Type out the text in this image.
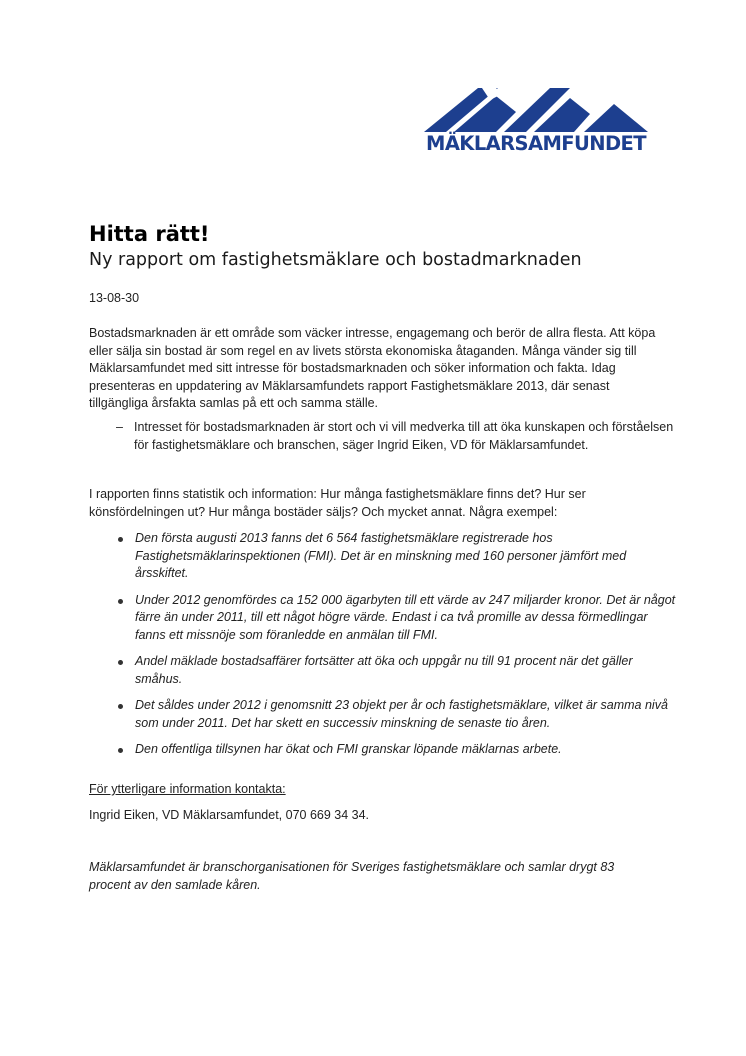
MÄKLARSAMFUNDET
Hitta rätt!
Ny rapport om fastighetsmäklare och bostadmarknaden
13-08-30

Bostadsmarknaden är ett område som väcker intresse, engagemang och berör de allra flesta. Att köpa eller sälja sin bostad är som regel en av livets största ekonomiska åtaganden. Många vänder sig till Mäklarsamfundet med sitt intresse för bostadsmarknaden och söker information och fakta. Idag presenteras en uppdatering av Mäklarsamfundets rapport Fastighetsmäklare 2013, där senast tillgängliga årsfakta samlas på ett och samma ställe.

– Intresset för bostadsmarknaden är stort och vi vill medverka till att öka kunskapen och förståelsen för fastighetsmäklare och branschen, säger Ingrid Eiken, VD för Mäklarsamfundet.

I rapporten finns statistik och information: Hur många fastighetsmäklare finns det? Hur ser könsfördelningen ut? Hur många bostäder säljs? Och mycket annat. Några exempel:

Den första augusti 2013 fanns det 6 564 fastighetsmäklare registrerade hos Fastighetsmäklarinspektionen (FMI). Det är en minskning med 160 personer jämfört med årsskiftet.
Under 2012 genomfördes ca 152 000 ägarbyten till ett värde av 247 miljarder kronor. Det är något färre än under 2011, till ett något högre värde. Endast i ca två promille av dessa förmedlingar fanns ett missnöje som föranledde en anmälan till FMI.
Andel mäklade bostadsaffärer fortsätter att öka och uppgår nu till 91 procent när det gäller småhus.
Det såldes under 2012 i genomsnitt 23 objekt per år och fastighetsmäklare, vilket är samma nivå som under 2011. Det har skett en successiv minskning de senaste tio åren.
Den offentliga tillsynen har ökat och FMI granskar löpande mäklarnas arbete.
För ytterligare information kontakta:
Ingrid Eiken, VD Mäklarsamfundet, 070 669 34 34.

Mäklarsamfundet är branschorganisationen för Sveriges fastighetsmäklare och samlar drygt 83 procent av den samlade kåren.
